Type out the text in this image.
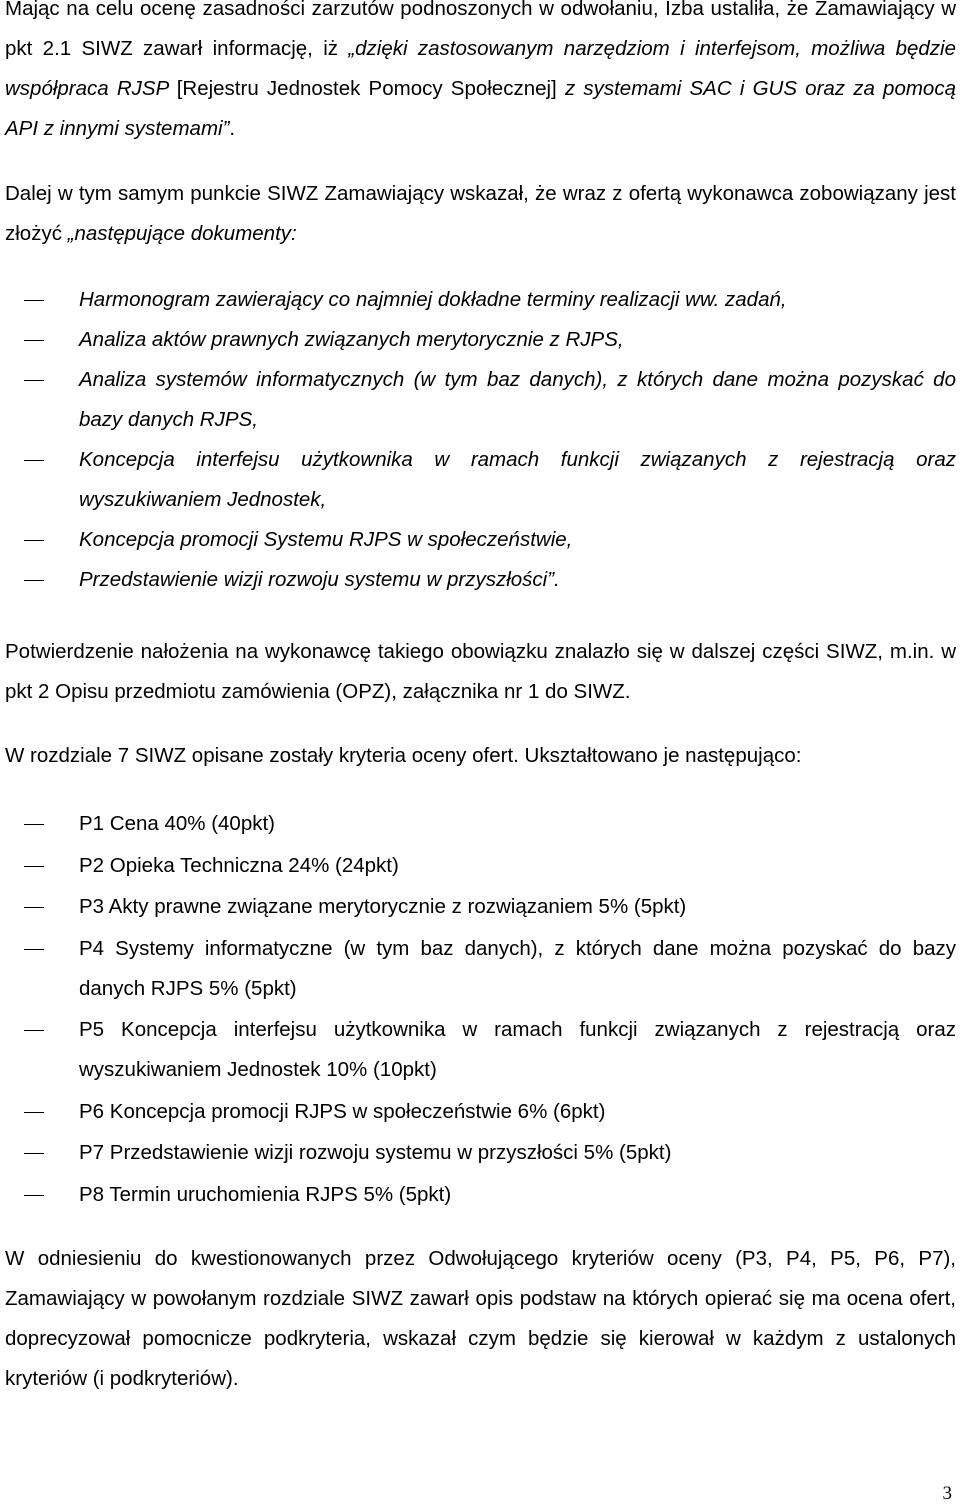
Mając na celu ocenę zasadności zarzutów podnoszonych w odwołaniu, Izba ustaliła, że Zamawiający w pkt 2.1 SIWZ zawarł informację, iż „dzięki zastosowanym narzędziom i interfejsom, możliwa będzie współpraca RJSP [Rejestru Jednostek Pomocy Społecznej] z systemami SAC i GUS oraz za pomocą API z innymi systemami”.

Dalej w tym samym punkcie SIWZ Zamawiający wskazał, że wraz z ofertą wykonawca zobowiązany jest złożyć „następujące dokumenty:

Harmonogram zawierający co najmniej dokładne terminy realizacji ww. zadań,
Analiza aktów prawnych związanych merytorycznie z RJPS,
Analiza systemów informatycznych (w tym baz danych), z których dane można pozyskać do bazy danych RJPS,
Koncepcja interfejsu użytkownika w ramach funkcji związanych z rejestracją oraz wyszukiwaniem Jednostek,
Koncepcja promocji Systemu RJPS w społeczeństwie,
Przedstawienie wizji rozwoju systemu w przyszłości”.

Potwierdzenie nałożenia na wykonawcę takiego obowiązku znalazło się w dalszej części SIWZ, m.in. w pkt 2 Opisu przedmiotu zamówienia (OPZ), załącznika nr 1 do SIWZ.

W rozdziale 7 SIWZ opisane zostały kryteria oceny ofert. Ukształtowano je następująco:

P1 Cena 40% (40pkt)
P2 Opieka Techniczna 24% (24pkt)
P3 Akty prawne związane merytorycznie z rozwiązaniem 5% (5pkt)
P4 Systemy informatyczne (w tym baz danych), z których dane można pozyskać do bazy danych RJPS 5% (5pkt)
P5 Koncepcja interfejsu użytkownika w ramach funkcji związanych z rejestracją oraz wyszukiwaniem Jednostek 10% (10pkt)
P6 Koncepcja promocji RJPS w społeczeństwie 6% (6pkt)
P7 Przedstawienie wizji rozwoju systemu w przyszłości 5% (5pkt)
P8 Termin uruchomienia RJPS 5% (5pkt)

W odniesieniu do kwestionowanych przez Odwołującego kryteriów oceny (P3, P4, P5, P6, P7), Zamawiający w powołanym rozdziale SIWZ zawarł opis podstaw na których opierać się ma ocena ofert, doprecyzował pomocnicze podkryteria, wskazał czym będzie się kierował w każdym z ustalonych kryteriów (i podkryteriów).

3
